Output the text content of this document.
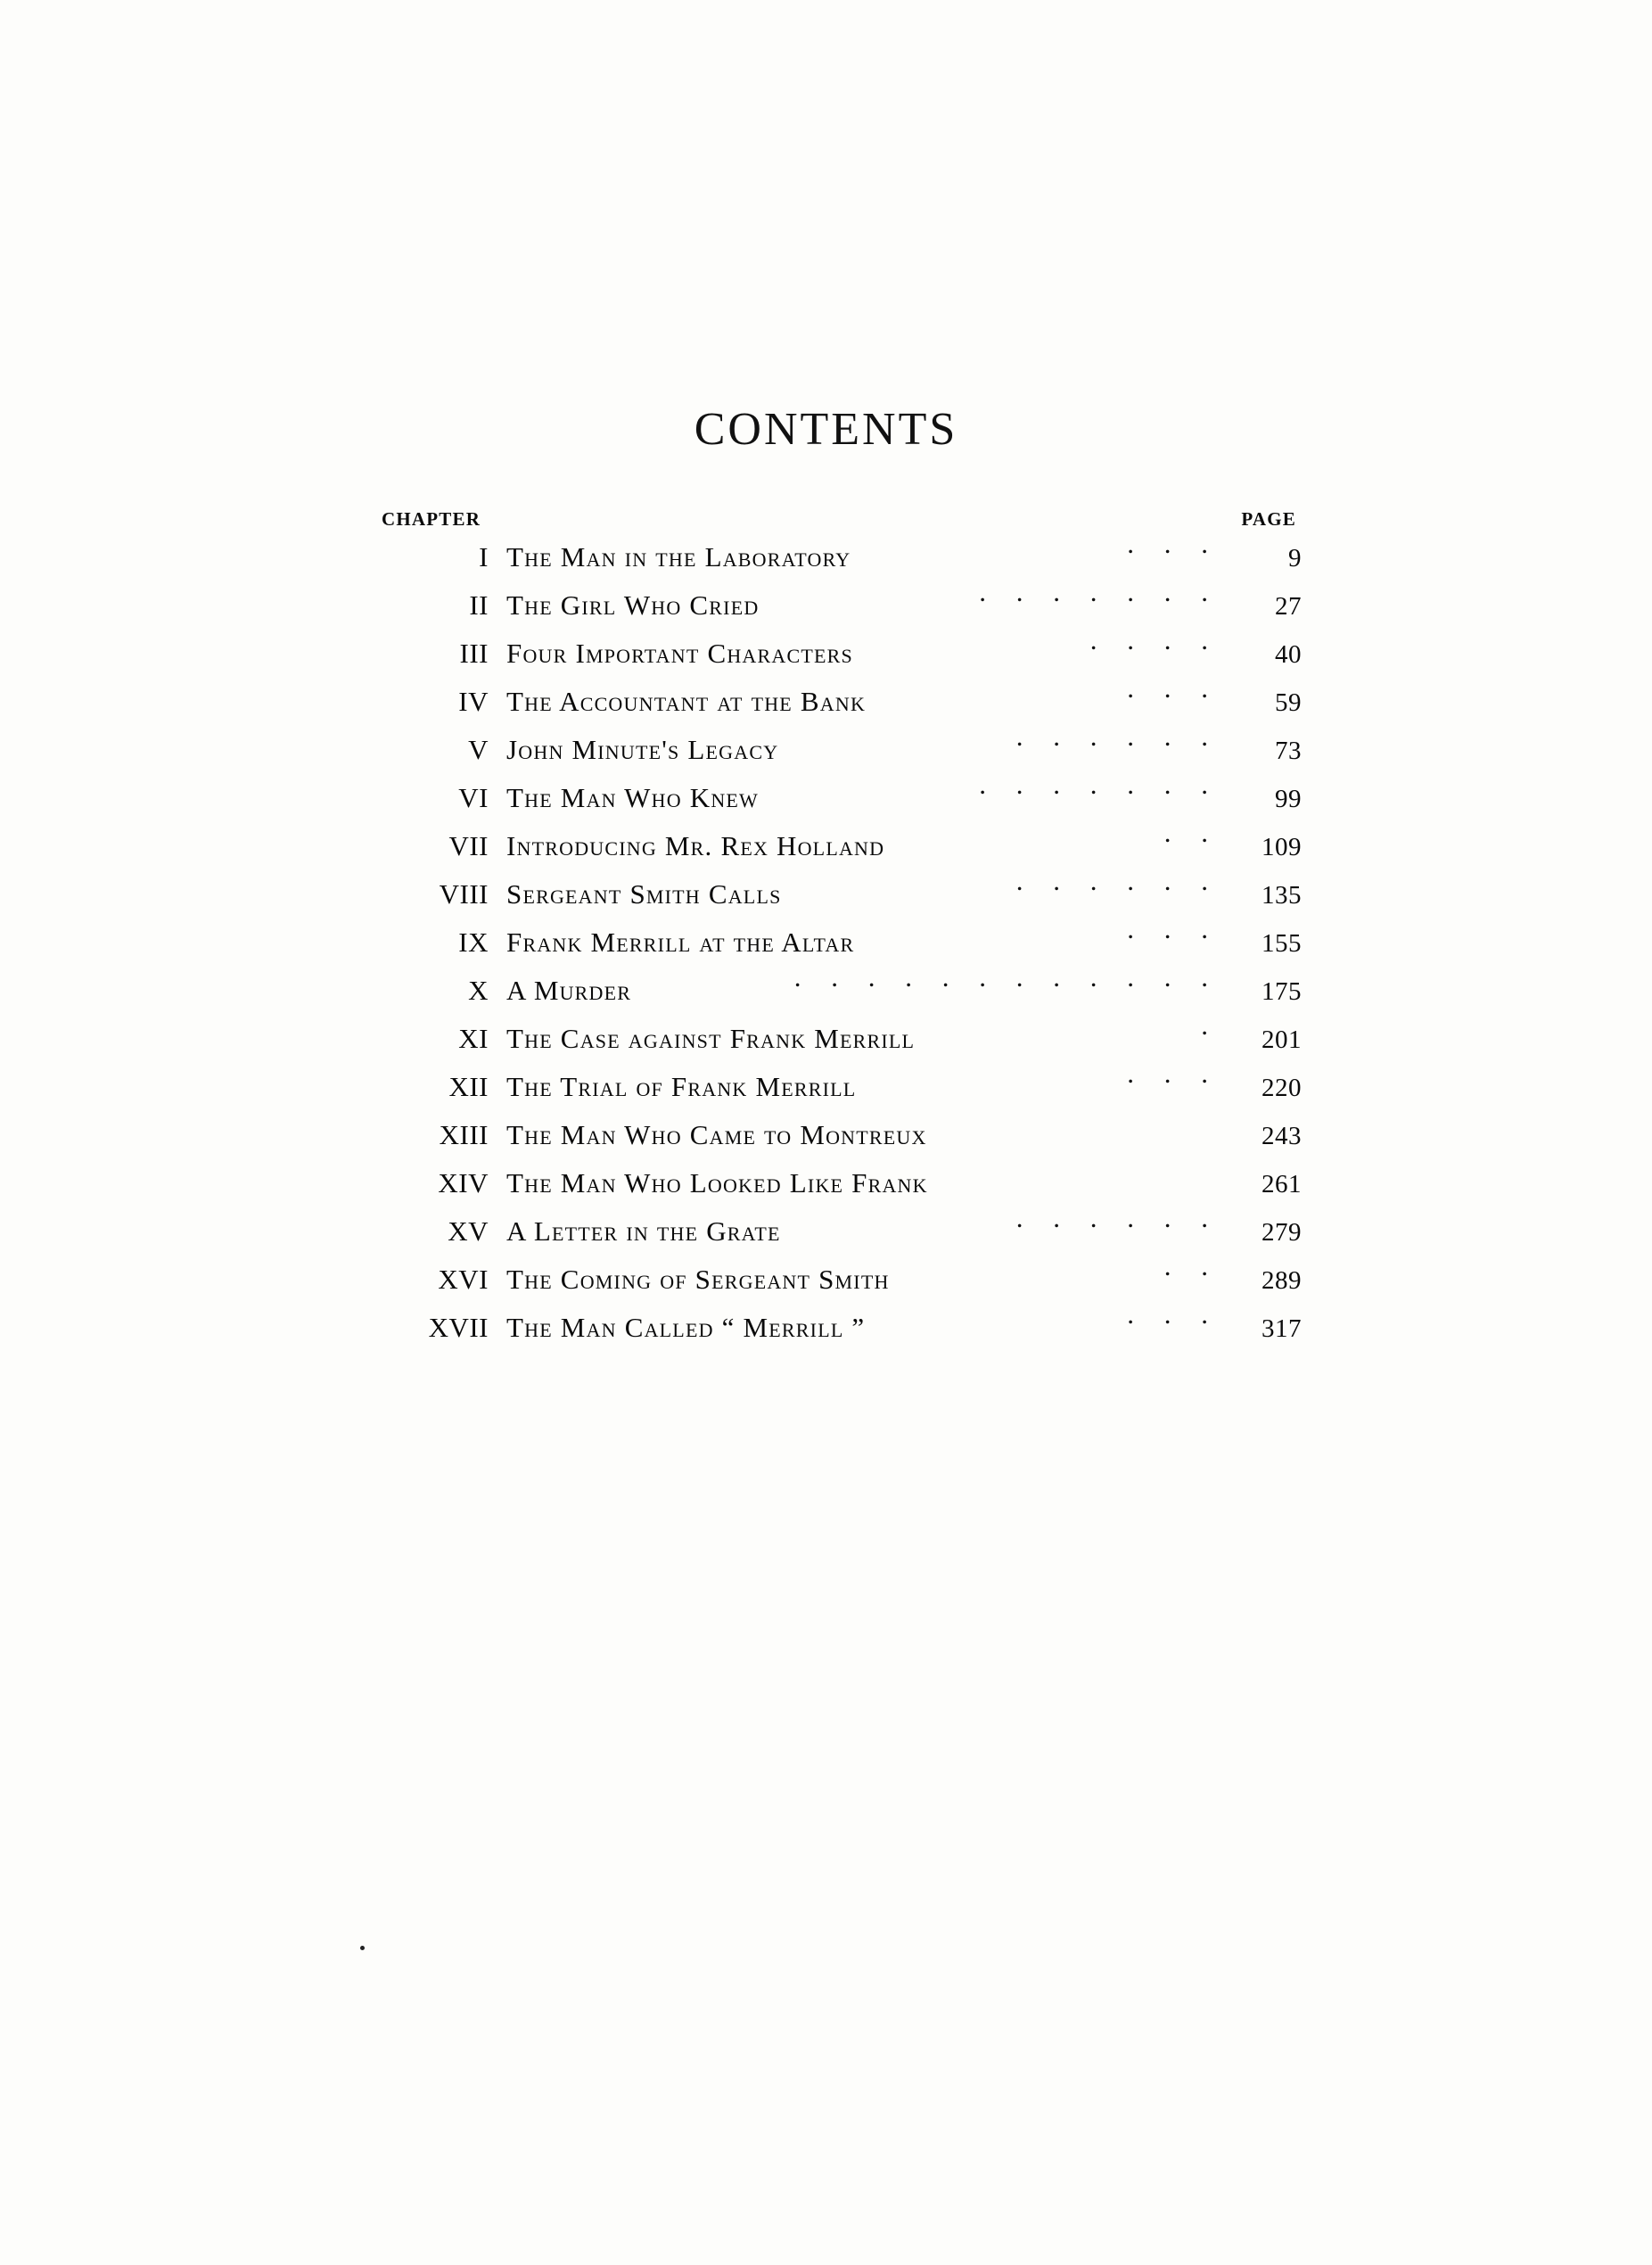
CONTENTS
CHAPTER	PAGE
I The Man in the Laboratory	. . .	9
II The Girl Who Cried	. . . . . . .	27
III Four Important Characters	. . . .	40
IV The Accountant at the Bank	. . .	59
V John Minute's Legacy	. . . . . .	73
VI The Man Who Knew	. . . . . . .	99
VII Introducing Mr. Rex Holland	. .	109
VIII Sergeant Smith Calls	. . . . . .	135
IX Frank Merrill at the Altar	. . .	155
X A Murder	. . . . . . . . . . . .	175
XI The Case against Frank Merrill	.	201
XII The Trial of Frank Merrill	. . .	220
XIII The Man Who Came to Montreux	243
XIV The Man Who Looked Like Frank	261
XV A Letter in the Grate	. . . . . .	279
XVI The Coming of Sergeant Smith	. .	289
XVII The Man Called “ Merrill ”	. . .	317
